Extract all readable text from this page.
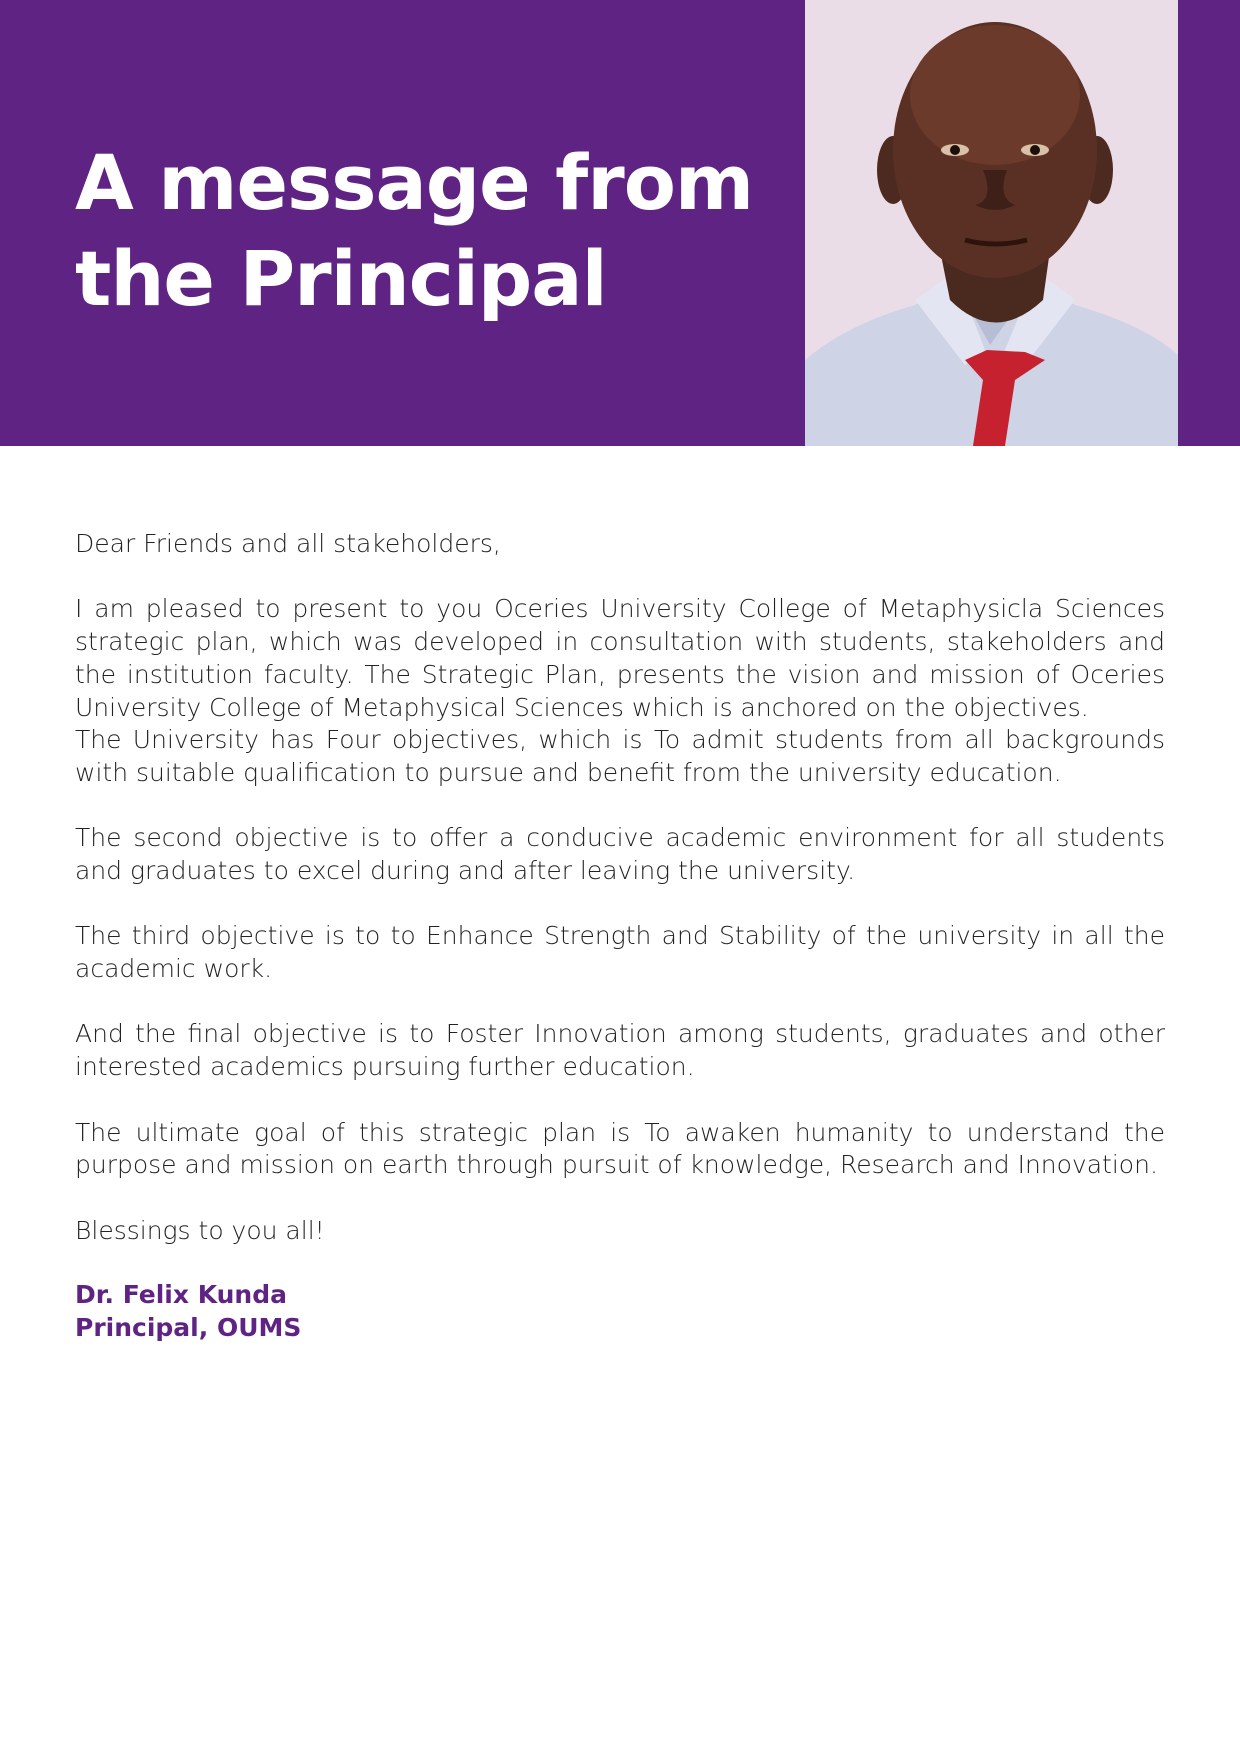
A message from
the Principal

Dear Friends and all stakeholders,

I am pleased to present to you Oceries University College of Metaphysicla Sciences strategic plan, which was developed in consultation with students, stakeholders and the institution faculty. The Strategic Plan, presents the vision and mission of Oceries University College of Metaphysical Sciences which is anchored on the objectives.

The University has Four objectives, which is To admit students from all backgrounds with suitable qualification to pursue and benefit from the university education.

The second objective is to offer a conducive academic environment for all students and graduates to excel during and after leaving the university.

The third objective is to to Enhance Strength and Stability of the university in all the academic work.

And the final objective is to Foster Innovation among students, graduates and other interested academics pursuing further education.

The ultimate goal of this strategic plan is To awaken humanity to understand the purpose and mission on earth through pursuit of knowledge, Research and Innovation.

Blessings to you all!

Dr. Felix Kunda
Principal, OUMS
